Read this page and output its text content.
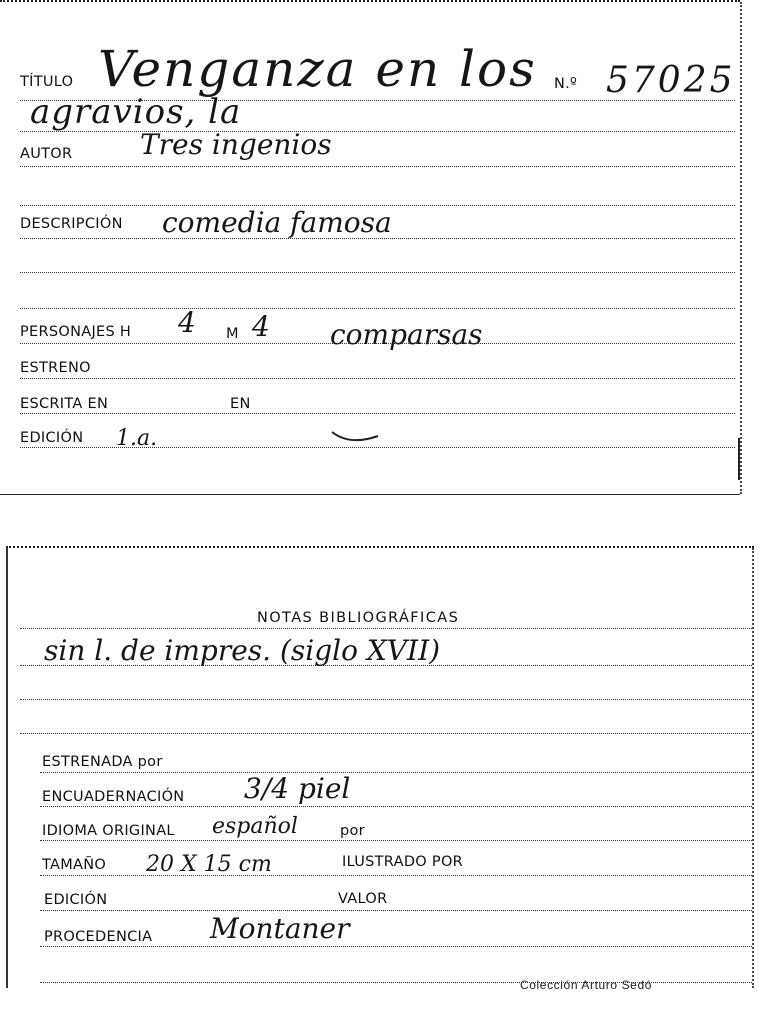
TÍTULO Venganza en los N.º 57025
agravios, la
AUTOR Tres ingenios
DESCRIPCIÓN comedia famosa
PERSONAJES H 4 M 4 comparsas
ESTRENO
ESCRITA EN	EN
EDICIÓN 1.a.
NOTAS BIBLIOGRÁFICAS
sin l. de impres. (siglo XVII)
ESTRENADA por
ENCUADERNACIÓN 3/4 piel
IDIOMA ORIGINAL español	por
TAMAÑO 20 X 15 cm	ILUSTRADO POR
EDICIÓN	VALOR
PROCEDENCIA Montaner
Colección Arturo Sedó
